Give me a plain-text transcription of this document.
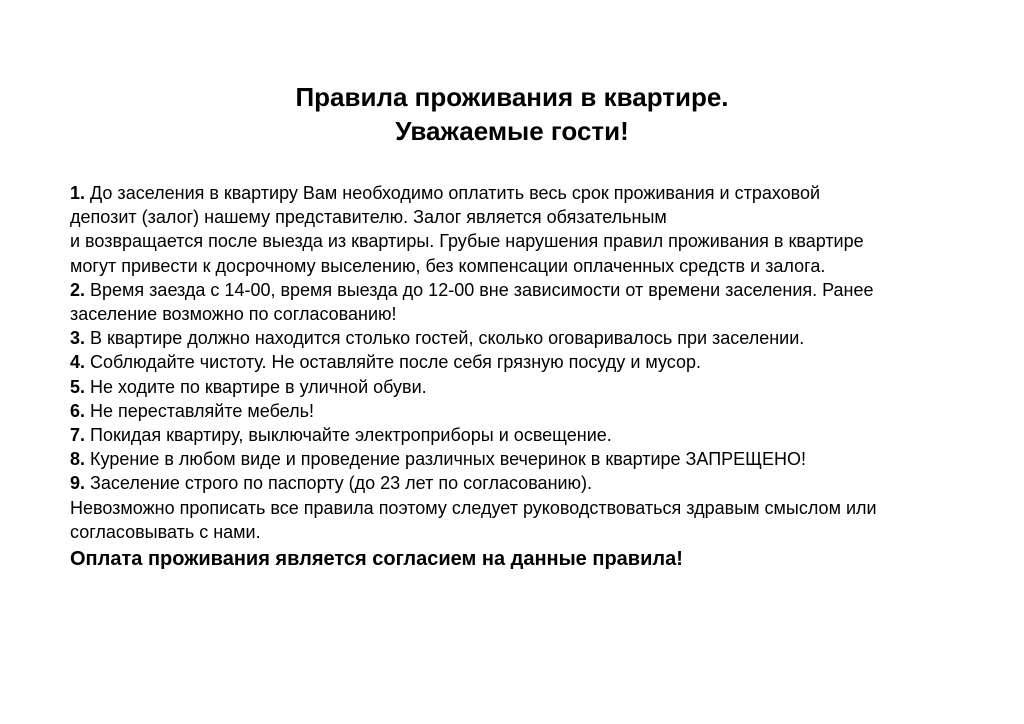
Правила проживания в квартире.

Уважаемые гости!

1. До заселения в квартиру Вам необходимо оплатить весь срок проживания и страховой

депозит (залог) нашему представителю. Залог является обязательным

и возвращается после выезда из квартиры. Грубые нарушения правил проживания в квартире

могут привести к досрочному выселению, без компенсации оплаченных средств и залога.

2. Время заезда с 14-00, время выезда до 12-00 вне зависимости от времени заселения. Ранее

заселение возможно по согласованию!

3. В квартире должно находится столько гостей, сколько оговаривалось при заселении.

4. Соблюдайте чистоту. Не оставляйте после себя грязную посуду и мусор.

5. Не ходите по квартире в уличной обуви.

6. Не переставляйте мебель!

7. Покидая квартиру, выключайте электроприборы и освещение.

8. Курение в любом виде и проведение различных вечеринок в квартире ЗАПРЕЩЕНО!

9. Заселение строго по паспорту (до 23 лет по согласованию).

Невозможно прописать все правила поэтому следует руководствоваться здравым смыслом или

согласовывать с нами.

Оплата проживания является согласием на данные правила!
